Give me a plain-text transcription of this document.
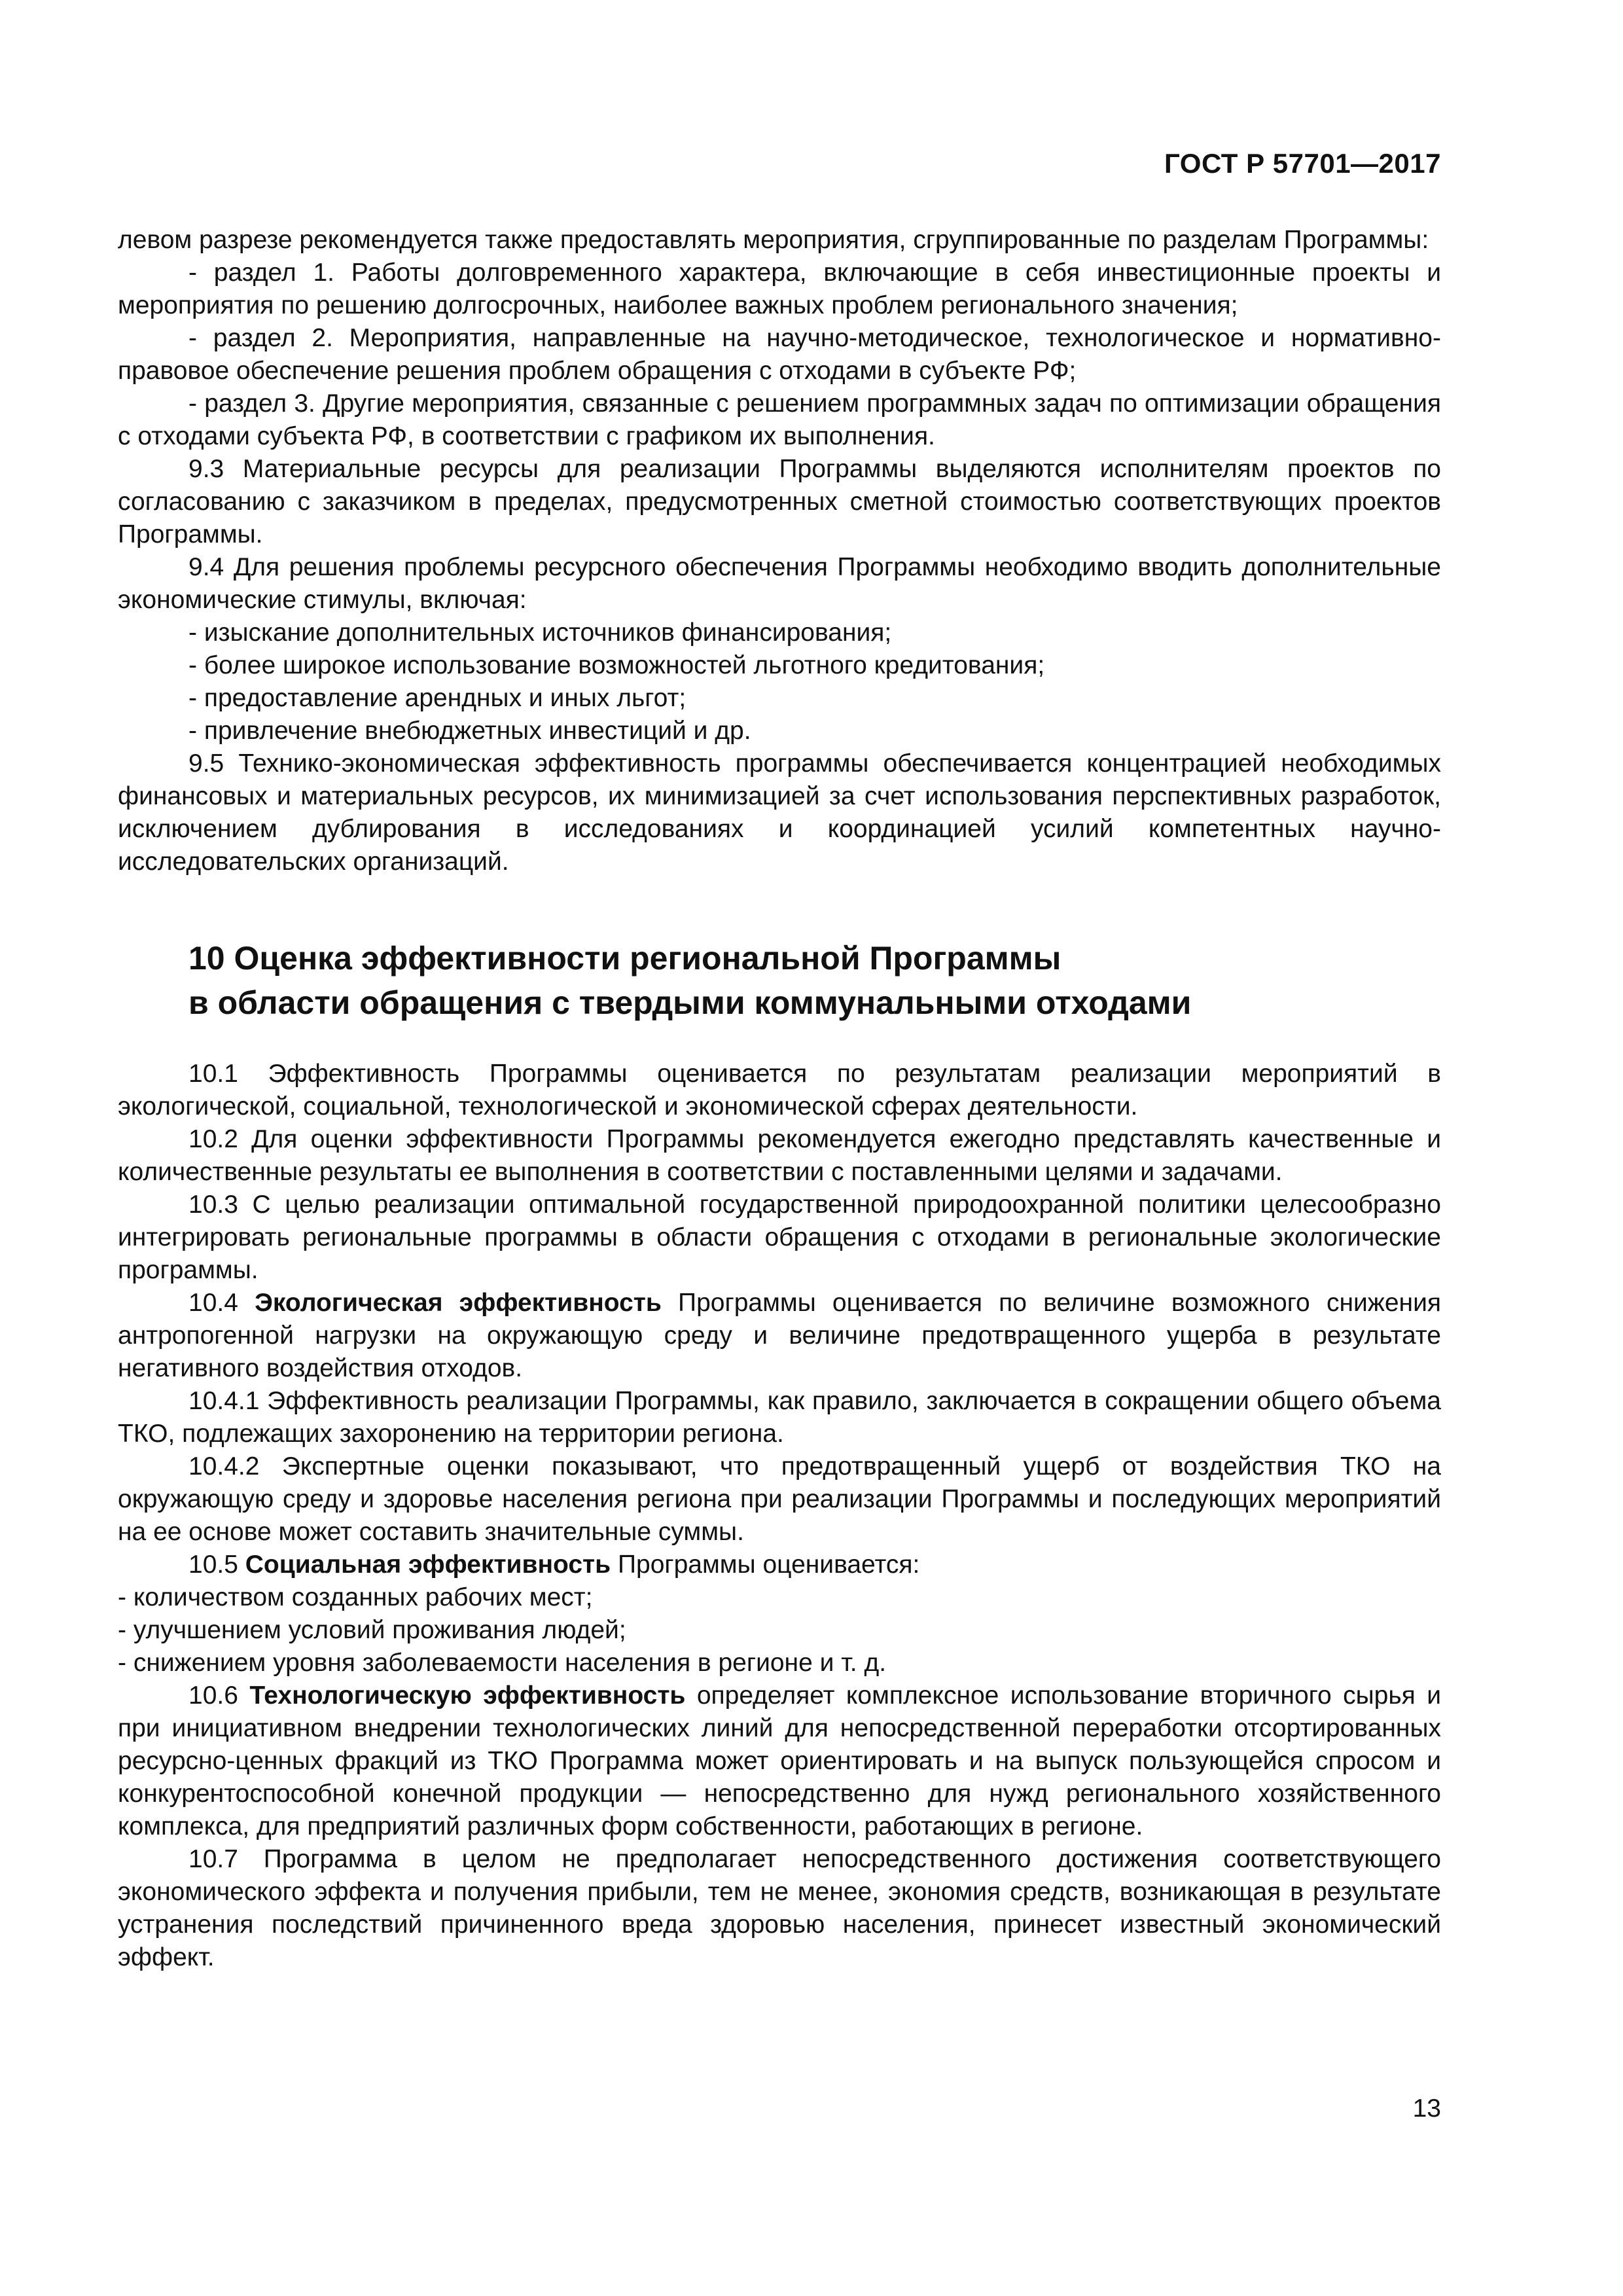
ГОСТ Р 57701—2017

левом разрезе рекомендуется также предоставлять мероприятия, сгруппированные по разделам Программы:

- раздел 1. Работы долговременного характера, включающие в себя инвестиционные проекты и мероприятия по решению долгосрочных, наиболее важных проблем регионального значения;

- раздел 2. Мероприятия, направленные на научно-методическое, технологическое и нормативно-правовое обеспечение решения проблем обращения с отходами в субъекте РФ;

- раздел 3. Другие мероприятия, связанные с решением программных задач по оптимизации обращения с отходами субъекта РФ, в соответствии с графиком их выполнения.

9.3 Материальные ресурсы для реализации Программы выделяются исполнителям проектов по согласованию с заказчиком в пределах, предусмотренных сметной стоимостью соответствующих проектов Программы.

9.4 Для решения проблемы ресурсного обеспечения Программы необходимо вводить дополнительные экономические стимулы, включая:

- изыскание дополнительных источников финансирования;

- более широкое использование возможностей льготного кредитования;

- предоставление арендных и иных льгот;

- привлечение внебюджетных инвестиций и др.

9.5 Технико-экономическая эффективность программы обеспечивается концентрацией необходимых финансовых и материальных ресурсов, их минимизацией за счет использования перспективных разработок, исключением дублирования в исследованиях и координацией усилий компетентных научно-исследовательских организаций.

10 Оценка эффективности региональной Программы
в области обращения с твердыми коммунальными отходами

10.1 Эффективность Программы оценивается по результатам реализации мероприятий в экологической, социальной, технологической и экономической сферах деятельности.

10.2 Для оценки эффективности Программы рекомендуется ежегодно представлять качественные и количественные результаты ее выполнения в соответствии с поставленными целями и задачами.

10.3 С целью реализации оптимальной государственной природоохранной политики целесообразно интегрировать региональные программы в области обращения с отходами в региональные экологические программы.

10.4 Экологическая эффективность Программы оценивается по величине возможного снижения антропогенной нагрузки на окружающую среду и величине предотвращенного ущерба в результате негативного воздействия отходов.

10.4.1 Эффективность реализации Программы, как правило, заключается в сокращении общего объема ТКО, подлежащих захоронению на территории региона.

10.4.2 Экспертные оценки показывают, что предотвращенный ущерб от воздействия ТКО на окружающую среду и здоровье населения региона при реализации Программы и последующих мероприятий на ее основе может составить значительные суммы.

10.5 Социальная эффективность Программы оценивается:

- количеством созданных рабочих мест;

- улучшением условий проживания людей;

- снижением уровня заболеваемости населения в регионе и т. д.

10.6 Технологическую эффективность определяет комплексное использование вторичного сырья и при инициативном внедрении технологических линий для непосредственной переработки отсортированных ресурсно-ценных фракций из ТКО Программа может ориентировать и на выпуск пользующейся спросом и конкурентоспособной конечной продукции — непосредственно для нужд регионального хозяйственного комплекса, для предприятий различных форм собственности, работающих в регионе.

10.7 Программа в целом не предполагает непосредственного достижения соответствующего экономического эффекта и получения прибыли, тем не менее, экономия средств, возникающая в результате устранения последствий причиненного вреда здоровью населения, принесет известный экономический эффект.

13
